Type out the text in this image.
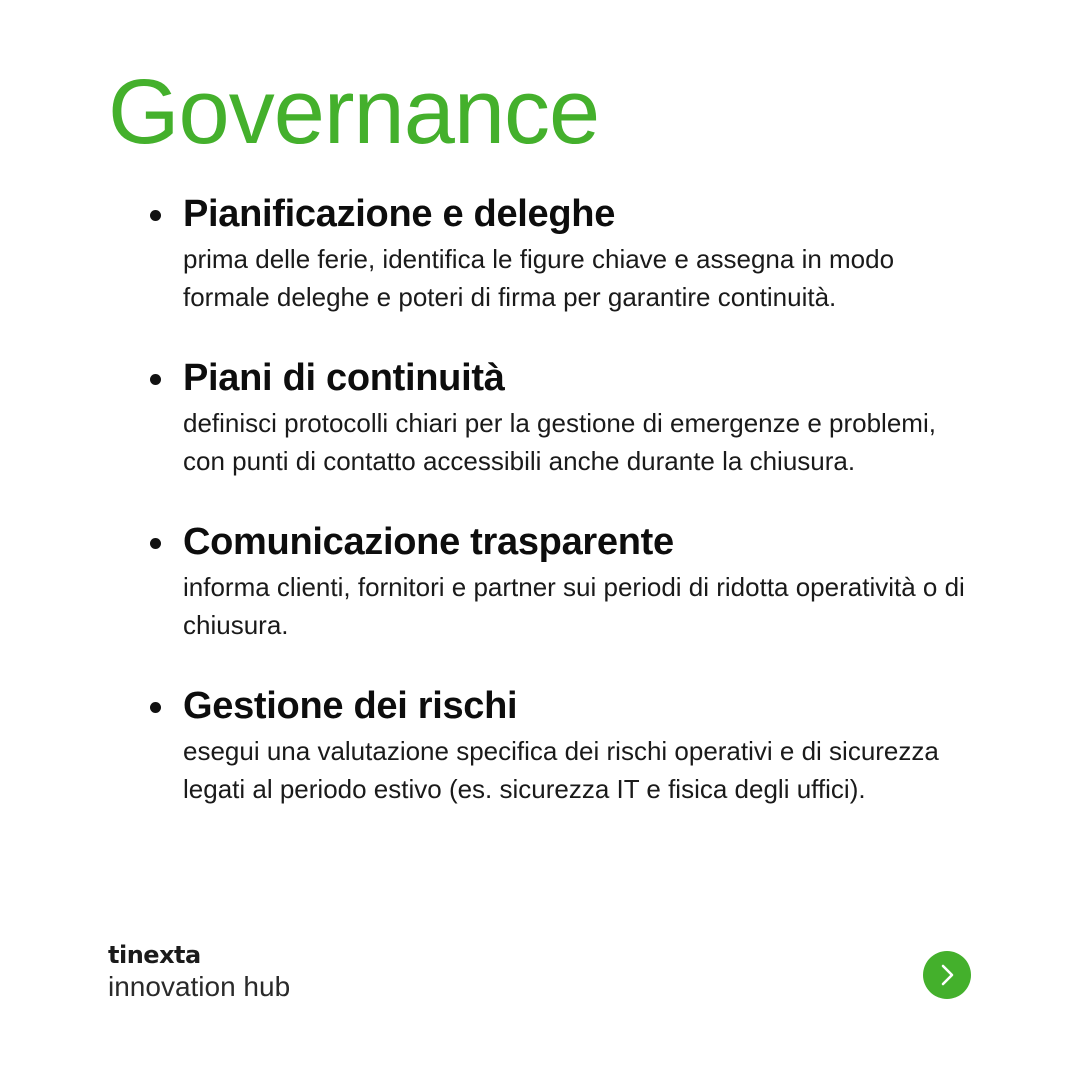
Governance
Pianificazione e deleghe

prima delle ferie, identifica le figure chiave e assegna in modo formale deleghe e poteri di firma per garantire continuità.

Piani di continuità

definisci protocolli chiari per la gestione di emergenze e problemi, con punti di contatto accessibili anche durante la chiusura.

Comunicazione trasparente

informa clienti, fornitori e partner sui periodi di ridotta operatività o di chiusura.

Gestione dei rischi

esegui una valutazione specifica dei rischi operativi e di sicurezza legati al periodo estivo (es. sicurezza IT e fisica degli uffici).

tinexta
innovation hub
